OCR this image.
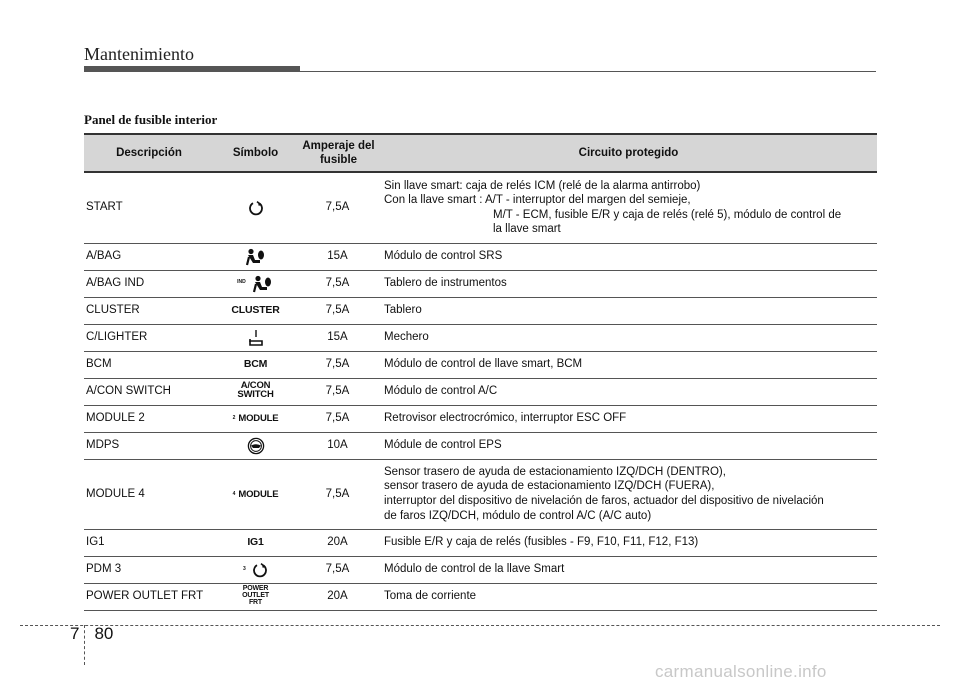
Mantenimiento
Panel de fusible interior
Descripción	Símbolo	Amperaje del
fusible	Circuito protegido
START		7,5A	Sin llave smart: caja de relés ICM (relé de la alarma antirrobo)
Con la llave smart : A/T - interruptor del margen del semieje,

M/T - ECM, fusible E/R y caja de relés (relé 5), módulo de control de
la llave smart

A/BAG		15A	Módulo de control SRS
A/BAG IND	$^{IND}$	7,5A	Tablero de instrumentos
CLUSTER	CLUSTER	7,5A	Tablero
C/LIGHTER		15A	Mechero
BCM	BCM	7,5A	Módulo de control de llave smart, BCM
A/CON SWITCH	A/CON
SWITCH	7,5A	Módulo de control A/C
MODULE 2	$^2$ MODULE	7,5A	Retrovisor electrocrómico, interruptor ESC OFF
MDPS		10A	Módule de control EPS
MODULE 4	$^4$ MODULE	7,5A	Sensor trasero de ayuda de estacionamiento IZQ/DCH (DENTRO),
sensor trasero de ayuda de estacionamiento IZQ/DCH (FUERA),
interruptor del dispositivo de nivelación de faros, actuador del dispositivo de nivelación
de faros IZQ/DCH, módulo de control A/C (A/C auto)
IG1	IG1	20A	Fusible E/R y caja de relés (fusibles - F9, F10, F11, F12, F13)
PDM 3	$^3$	7,5A	Módulo de control de la llave Smart
POWER OUTLET FRT	POWER
OUTLET
FRT	20A	Toma de corriente
7 80
carmanualsonline.info
